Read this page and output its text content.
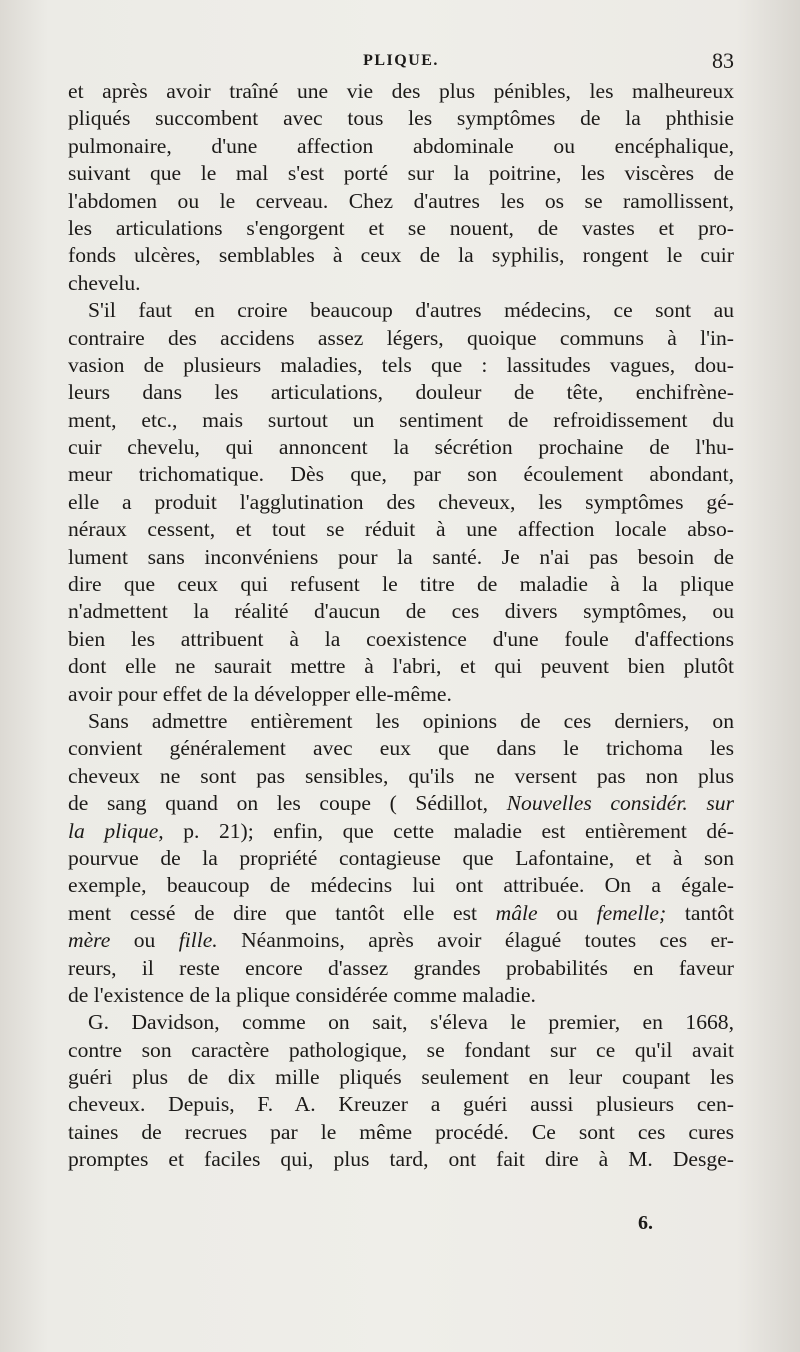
PLIQUE.	83
et après avoir traîné une vie des plus pénibles, les malheureux
pliqués succombent avec tous les symptômes de la phthisie
pulmonaire, d'une affection abdominale ou encéphalique,
suivant que le mal s'est porté sur la poitrine, les viscères de
l'abdomen ou le cerveau. Chez d'autres les os se ramollissent,
les articulations s'engorgent et se nouent, de vastes et pro-
fonds ulcères, semblables à ceux de la syphilis, rongent le cuir
chevelu.
S'il faut en croire beaucoup d'autres médecins, ce sont au
contraire des accidens assez légers, quoique communs à l'in-
vasion de plusieurs maladies, tels que : lassitudes vagues, dou-
leurs dans les articulations, douleur de tête, enchifrène-
ment, etc., mais surtout un sentiment de refroidissement du
cuir chevelu, qui annoncent la sécrétion prochaine de l'hu-
meur trichomatique. Dès que, par son écoulement abondant,
elle a produit l'agglutination des cheveux, les symptômes gé-
néraux cessent, et tout se réduit à une affection locale abso-
lument sans inconvéniens pour la santé. Je n'ai pas besoin de
dire que ceux qui refusent le titre de maladie à la plique
n'admettent la réalité d'aucun de ces divers symptômes, ou
bien les attribuent à la coexistence d'une foule d'affections
dont elle ne saurait mettre à l'abri, et qui peuvent bien plutôt
avoir pour effet de la développer elle-même.
Sans admettre entièrement les opinions de ces derniers, on
convient généralement avec eux que dans le trichoma les
cheveux ne sont pas sensibles, qu'ils ne versent pas non plus
de sang quand on les coupe ( Sédillot, Nouvelles considér. sur
la plique, p. 21); enfin, que cette maladie est entièrement dé-
pourvue de la propriété contagieuse que Lafontaine, et à son
exemple, beaucoup de médecins lui ont attribuée. On a égale-
ment cessé de dire que tantôt elle est mâle ou femelle; tantôt
mère ou fille. Néanmoins, après avoir élagué toutes ces er-
reurs, il reste encore d'assez grandes probabilités en faveur
de l'existence de la plique considérée comme maladie.
G. Davidson, comme on sait, s'éleva le premier, en 1668,
contre son caractère pathologique, se fondant sur ce qu'il avait
guéri plus de dix mille pliqués seulement en leur coupant les
cheveux. Depuis, F. A. Kreuzer a guéri aussi plusieurs cen-
taines de recrues par le même procédé. Ce sont ces cures
promptes et faciles qui, plus tard, ont fait dire à M. Desge-
6.
